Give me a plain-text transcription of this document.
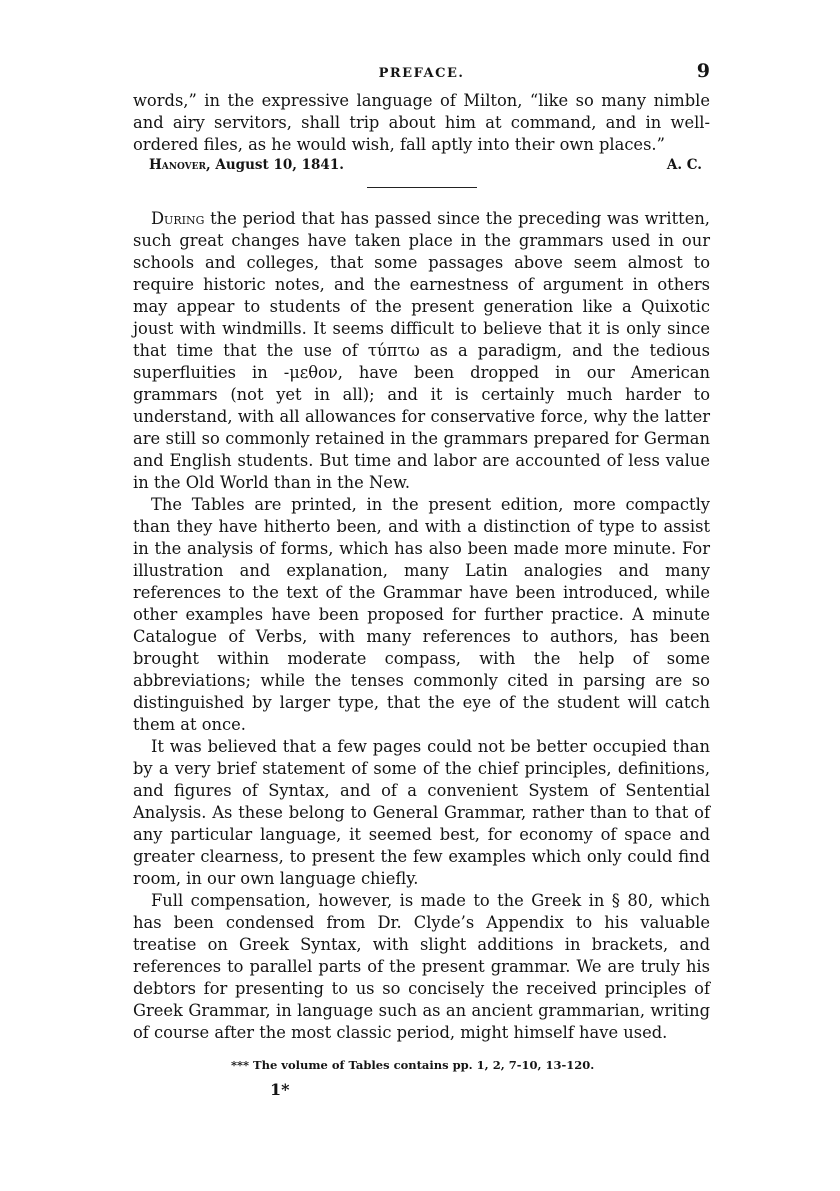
PREFACE.	9

words,” in the expressive language of Milton, “like so many nimble and airy servitors, shall trip about him at command, and in well-ordered files, as he would wish, fall aptly into their own places.”

Hanover, August 10, 1841.	A. C.

During the period that has passed since the preceding was written, such great changes have taken place in the grammars used in our schools and colleges, that some passages above seem almost to require historic notes, and the earnestness of argument in others may appear to students of the present generation like a Quixotic joust with windmills. It seems difficult to believe that it is only since that time that the use of τύπτω as a paradigm, and the tedious superfluities in -μεθον, have been dropped in our American grammars (not yet in all); and it is certainly much harder to understand, with all allowances for conservative force, why the latter are still so commonly retained in the grammars prepared for German and English students. But time and labor are accounted of less value in the Old World than in the New.

The Tables are printed, in the present edition, more compactly than they have hitherto been, and with a distinction of type to assist in the analysis of forms, which has also been made more minute. For illustration and explanation, many Latin analogies and many references to the text of the Grammar have been introduced, while other examples have been proposed for further practice. A minute Catalogue of Verbs, with many references to authors, has been brought within moderate compass, with the help of some abbreviations; while the tenses commonly cited in parsing are so distinguished by larger type, that the eye of the student will catch them at once.

It was believed that a few pages could not be better occupied than by a very brief statement of some of the chief principles, definitions, and figures of Syntax, and of a convenient System of Sentential Analysis. As these belong to General Grammar, rather than to that of any particular language, it seemed best, for economy of space and greater clearness, to present the few examples which only could find room, in our own language chiefly.

Full compensation, however, is made to the Greek in § 80, which has been condensed from Dr. Clyde’s Appendix to his valuable treatise on Greek Syntax, with slight additions in brackets, and references to parallel parts of the present grammar. We are truly his debtors for presenting to us so concisely the received principles of Greek Grammar, in language such as an ancient grammarian, writing of course after the most classic period, might himself have used.

*** The volume of Tables contains pp. 1, 2, 7-10, 13-120.
1*
